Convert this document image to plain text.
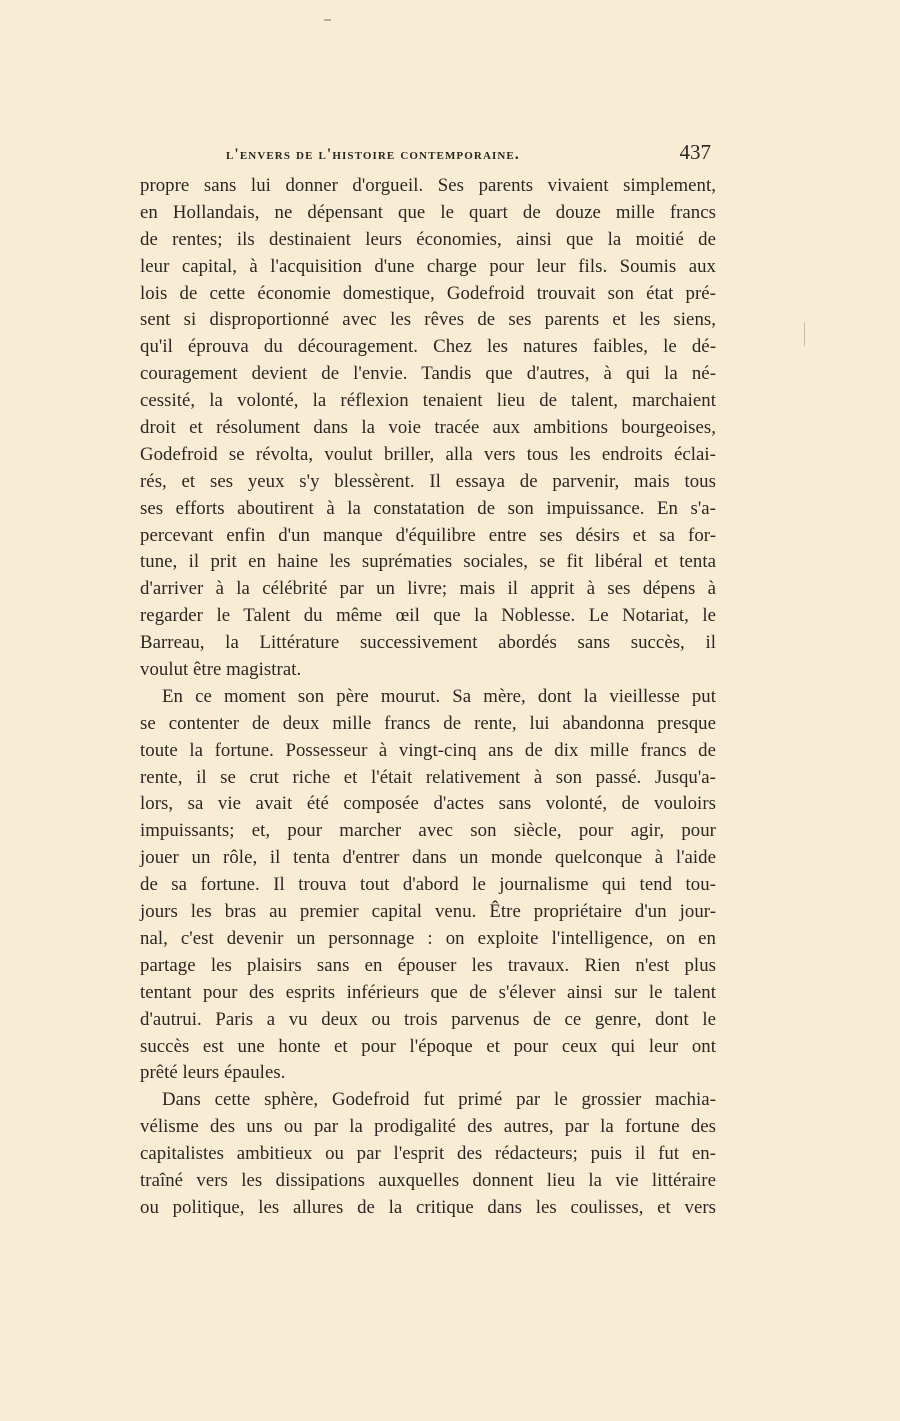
l'envers de l'histoire contemporaine.	437
propre sans lui donner d'orgueil. Ses parents vivaient simplement,
en Hollandais, ne dépensant que le quart de douze mille francs
de rentes; ils destinaient leurs économies, ainsi que la moitié de
leur capital, à l'acquisition d'une charge pour leur fils. Soumis aux
lois de cette économie domestique, Godefroid trouvait son état pré-
sent si disproportionné avec les rêves de ses parents et les siens,
qu'il éprouva du découragement. Chez les natures faibles, le dé-
couragement devient de l'envie. Tandis que d'autres, à qui la né-
cessité, la volonté, la réflexion tenaient lieu de talent, marchaient
droit et résolument dans la voie tracée aux ambitions bourgeoises,
Godefroid se révolta, voulut briller, alla vers tous les endroits éclai-
rés, et ses yeux s'y blessèrent. Il essaya de parvenir, mais tous
ses efforts aboutirent à la constatation de son impuissance. En s'a-
percevant enfin d'un manque d'équilibre entre ses désirs et sa for-
tune, il prit en haine les suprématies sociales, se fit libéral et tenta
d'arriver à la célébrité par un livre; mais il apprit à ses dépens à
regarder le Talent du même œil que la Noblesse. Le Notariat, le
Barreau, la Littérature successivement abordés sans succès, il
voulut être magistrat.
En ce moment son père mourut. Sa mère, dont la vieillesse put
se contenter de deux mille francs de rente, lui abandonna presque
toute la fortune. Possesseur à vingt-cinq ans de dix mille francs de
rente, il se crut riche et l'était relativement à son passé. Jusqu'a-
lors, sa vie avait été composée d'actes sans volonté, de vouloirs
impuissants; et, pour marcher avec son siècle, pour agir, pour
jouer un rôle, il tenta d'entrer dans un monde quelconque à l'aide
de sa fortune. Il trouva tout d'abord le journalisme qui tend tou-
jours les bras au premier capital venu. Être propriétaire d'un jour-
nal, c'est devenir un personnage : on exploite l'intelligence, on en
partage les plaisirs sans en épouser les travaux. Rien n'est plus
tentant pour des esprits inférieurs que de s'élever ainsi sur le talent
d'autrui. Paris a vu deux ou trois parvenus de ce genre, dont le
succès est une honte et pour l'époque et pour ceux qui leur ont
prêté leurs épaules.
Dans cette sphère, Godefroid fut primé par le grossier machia-
vélisme des uns ou par la prodigalité des autres, par la fortune des
capitalistes ambitieux ou par l'esprit des rédacteurs; puis il fut en-
traîné vers les dissipations auxquelles donnent lieu la vie littéraire
ou politique, les allures de la critique dans les coulisses, et vers
